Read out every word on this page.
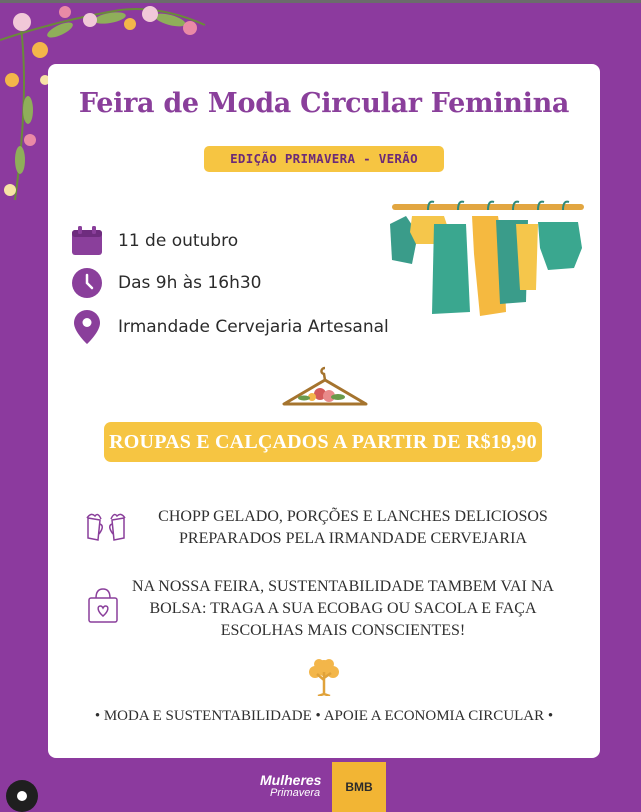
Feira de Moda Circular Feminina
EDIÇÃO PRIMAVERA - VERÃO
11 de outubro
Das 9h às 16h30
Irmandade Cervejaria Artesanal
ROUPAS E CALÇADOS A PARTIR DE R$19,90
CHOPP GELADO, PORÇÕES E LANCHES DELICIOSOS
PREPARADOS PELA IRMANDADE CERVEJARIA
NA NOSSA FEIRA, SUSTENTABILIDADE TAMBEM VAI NA
BOLSA: TRAGA A SUA ECOBAG OU SACOLA E FAÇA
ESCOLHAS MAIS CONSCIENTES!
• MODA E SUSTENTABILIDADE • APOIE A ECONOMIA CIRCULAR •
Mulheres
Primavera	BMB
